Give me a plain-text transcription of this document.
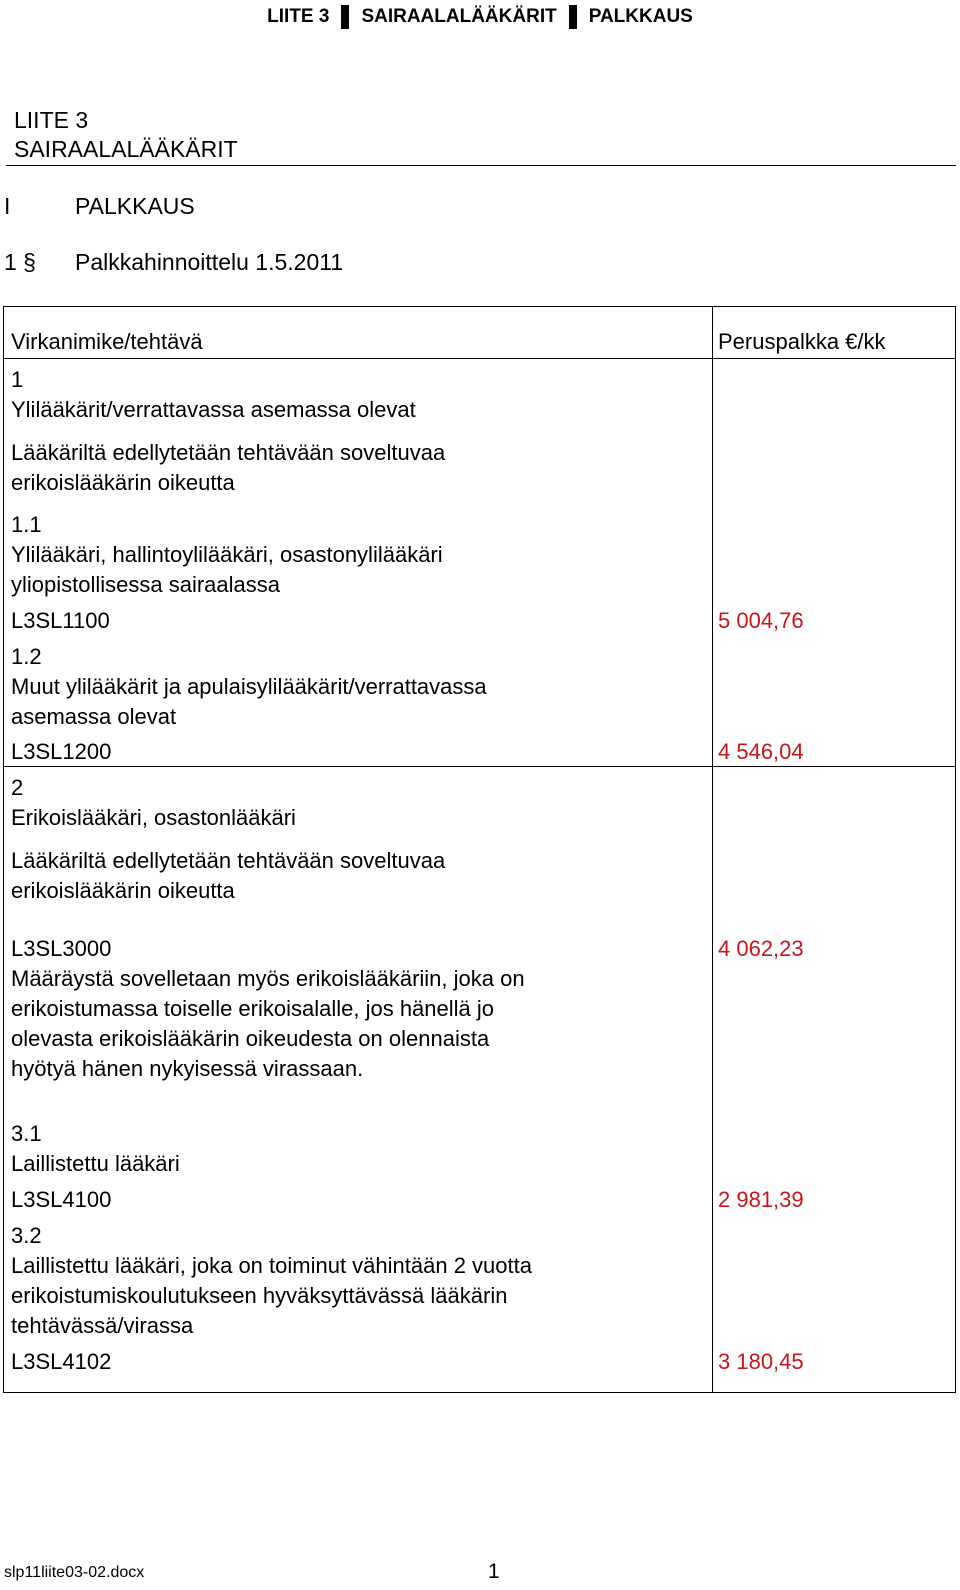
LIITE 3 SAIRAALALÄÄKÄRIT PALKKAUS
LIITE 3
SAIRAALALÄÄKÄRIT
I	PALKKAUS
1 § Palkkahinnoittelu 1.5.2011
Virkanimike/tehtävä	Peruspalkka €/kk
1
Ylilääkärit/verrattavassa asemassa olevat
Lääkäriltä edellytetään tehtävään soveltuvaa
erikoislääkärin oikeutta
1.1
Ylilääkäri, hallintoylilääkäri, osastonylilääkäri
yliopistollisessa sairaalassa
L3SL1100	5 004,76
1.2
Muut ylilääkärit ja apulaisylilääkärit/verrattavassa
asemassa olevat
L3SL1200	4 546,04
2
Erikoislääkäri, osastonlääkäri
Lääkäriltä edellytetään tehtävään soveltuvaa
erikoislääkärin oikeutta
L3SL3000	4 062,23
Määräystä sovelletaan myös erikoislääkäriin, joka on
erikoistumassa toiselle erikoisalalle, jos hänellä jo
olevasta erikoislääkärin oikeudesta on olennaista
hyötyä hänen nykyisessä virassaan.
3.1
Laillistettu lääkäri
L3SL4100	2 981,39
3.2
Laillistettu lääkäri, joka on toiminut vähintään 2 vuotta
erikoistumiskoulutukseen hyväksyttävässä lääkärin
tehtävässä/virassa
L3SL4102	3 180,45
slp11liite03-02.docx	1
